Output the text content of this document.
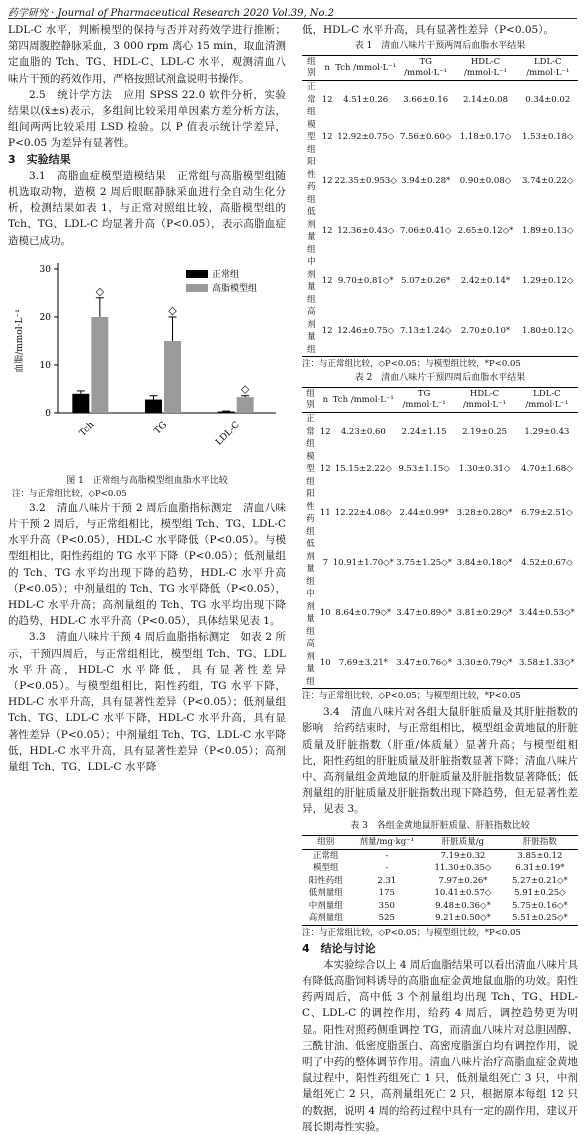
药学研究 · Journal of Pharmaceutical Research 2020 Vol.39, No.2

LDL-C 水平，判断模型的保持与否并对药效学进行推断；第四周腹腔静脉采血，3 000 rpm 离心 15 min，取血清测定血脂的 Tch、TG、HDL-C、LDL-C 水平，观测清血八味片干预的药效作用，严格按照试剂盒说明书操作。

2.5　统计学方法　应用 SPSS 22.0 软件分析，实验结果以(x̄±s)表示，多组间比较采用单因素方差分析方法，组间两两比较采用 LSD 检验。以 P 值表示统计学差异，P<0.05 为差异有显著性。

3　实验结果

3.1　高脂血症模型造模结果　正常组与高脂模型组随机选取动物，造模 2 周后眼眶静脉采血进行全自动生化分析，检测结果如表 1，与正常对照组比较，高脂模型组的 Tch、TG、LDL-C 均显著升高（P<0.05），表示高脂血症造模已成功。

0
10
20
30
血脂/mmol·L⁻¹
◇
Tch
◇
TG
◇
LDL-C
正常组
高脂模型组

图 1　正常组与高脂模型组血脂水平比较

注：与正常组比较，◇P<0.05

3.2　清血八味片干预 2 周后血脂指标测定　清血八味片干预 2 周后，与正常组相比，模型组 Tch、TG、LDL-C 水平升高（P<0.05），HDL-C 水平降低（P<0.05）。与模型组相比，阳性药组的 TG 水平下降（P<0.05）；低剂量组的 Tch、TG 水平均出现下降的趋势，HDL-C 水平升高（P<0.05）；中剂量组的 Tch、TG 水平降低（P<0.05），HDL-C 水平升高；高剂量组的 Tch、TG 水平均出现下降的趋势，HDL-C 水平升高（P<0.05），具体结果见表 1。

3.3　清血八味片干预 4 周后血脂指标测定　如表 2 所示，干预四周后，与正常组相比，模型组 Tch、TG、LDL 水平升高，HDL-C 水平降低，具有显著性差异（P<0.05）。与模型组相比，阳性药组，TG 水平下降，HDL-C 水平升高，具有显著性差异（P<0.05）；低剂量组 Tch、TG、LDL-C 水平下降，HDL-C 水平升高，具有显著性差异（P<0.05）；中剂量组 Tch、TG、LDL-C 水平降低，HDL-C 水平升高，具有显著性差异（P<0.05）；高剂量组 Tch、TG、LDL-C 水平降

低，HDL-C 水平升高，具有显著性差异（P<0.05）。

表 1　清血八味片干预两周后血脂水平结果

组别	n	Tch /mmol·L⁻¹	TG /mmol·L⁻¹	HDL-C /mmol·L⁻¹	LDL-C /mmol·L⁻¹
正常组	12	4.51±0.26	3.66±0.16	2.14±0.08	0.34±0.02
模型组	12	12.92±0.75◇	7.56±0.60◇	1.18±0.17◇	1.53±0.18◇
阳性药组	12	22.35±0.953◇	3.94±0.28*	0.90±0.08◇	3.74±0.22◇
低剂量组	12	12.36±0.43◇	7.06±0.41◇	2.65±0.12◇*	1.89±0.13◇
中剂量组	12	9.70±0.81◇*	5.07±0.26*	2.42±0.14*	1.29±0.12◇
高剂量组	12	12.46±0.75◇	7.13±1.24◇	2.70±0.10*	1.80±0.12◇

注：与正常组比较，◇P<0.05；与模型组比较，*P<0.05

表 2　清血八味片干预四周后血脂水平结果

组别	n	Tch /mmol·L⁻¹	TG /mmol·L⁻¹	HDL-C /mmol·L⁻¹	LDL-C /mmol·L⁻¹
正常组	12	4.23±0.60	2.24±1.15	2.19±0.25	1.29±0.43
模型组	12	15.15±2.22◇	9.53±1.15◇	1.30±0.31◇	4.70±1.68◇
阳性药组	11	12.22±4.08◇	2.44±0.99*	3.28±0.28◇*	6.79±2.51◇
低剂量组	7	10.91±1.70◇*	3.75±1.25◇*	3.84±0.18◇*	4.52±0.67◇
中剂量组	10	8.64±0.79◇*	3.47±0.89◇*	3.81±0.29◇*	3.44±0.53◇*
高剂量组	10	7.69±3.21*	3.47±0.76◇*	3.30±0.79◇*	3.58±1.33◇*

注：与正常组比较，◇P<0.05；与模型组比较，*P<0.05

3.4　清血八味片对各组大鼠肝脏质量及其肝脏指数的影响　给药结束时，与正常组相比，模型组金黄地鼠的肝脏质量及肝脏指数（肝重/体质量）显著升高；与模型组相比，阳性药组的肝脏质量及肝脏指数显著下降；清血八味片中、高剂量组金黄地鼠的肝脏质量及肝脏指数显著降低；低剂量组的肝脏质量及肝脏指数出现下降趋势，但无显著性差异，见表 3。

表 3　各组金黄地鼠肝脏质量、肝脏指数比较

组别	剂量/mg·kg⁻¹	肝脏质量/g	肝脏指数
正常组	-	7.19±0.32	3.85±0.12
模型组	-	11.30±0.35◇	6.31±0.19*
阳性药组	2.31	7.97±0.26*	5.27±0.21◇*
低剂量组	175	10.41±0.57◇	5.91±0.25◇
中剂量组	350	9.48±0.36◇*	5.75±0.16◇*
高剂量组	525	9.21±0.50◇*	5.51±0.25◇*

注：与正常组比较，◇P<0.05；与模型组比较，*P<0.05

4　结论与讨论

本实验综合以上 4 周后血脂结果可以看出清血八味片具有降低高脂饲料诱导的高脂血症金黄地鼠血脂的功效。阳性药两周后，高中低 3 个剂量组均出现 Tch、TG、HDL-C、LDL-C 的调控作用，给药 4 周后，调控趋势更为明显。阳性对照药侧重调控 TG，而清血八味片对总胆固醇、三酰甘油、低密度脂蛋白、高密度脂蛋白均有调控作用，说明了中药的整体调节作用。清血八味片治疗高脂血症金黄地鼠过程中，阳性药组死亡 1 只，低剂量组死亡 3 只，中剂量组死亡 2 只，高剂量组死亡 2 只，根据原本每组 12 只的数据，说明 4 周的给药过程中具有一定的副作用，建议开展长期毒性实验。
